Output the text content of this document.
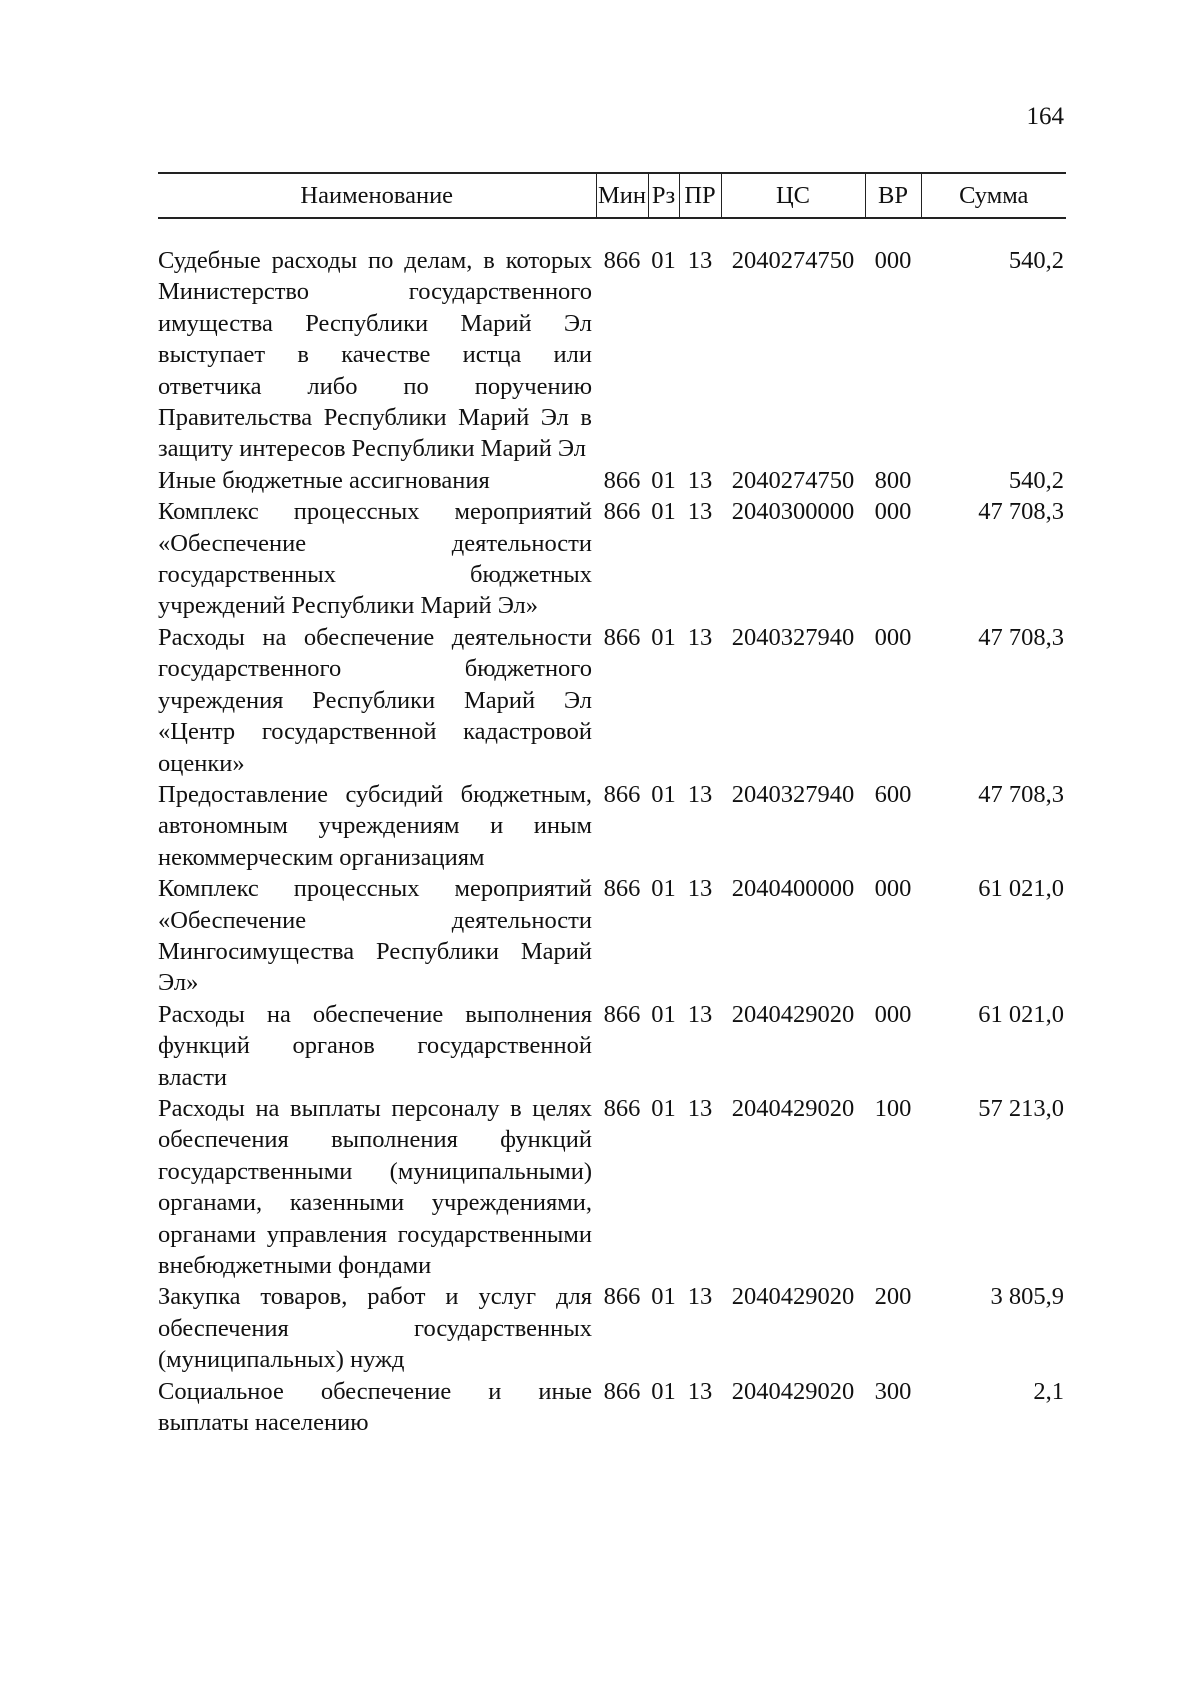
164
Наименование	Мин	Рз	ПР	ЦС	ВР	Сумма

Судебные расходы по делам, в которых Министерство государственного имущества Республики Марий Эл выступает в качестве истца или ответчика либо по поручению Правительства Республики Марий Эл в защиту интересов Республики Марий Эл	866	01	13	2040274750	000	540,2
Иные бюджетные ассигнования	866	01	13	2040274750	800	540,2
Комплекс процессных мероприятий «Обеспечение деятельности государственных бюджетных учреждений Республики Марий Эл»	866	01	13	2040300000	000	47 708,3
Расходы на обеспечение деятельности государственного бюджетного учреждения Республики Марий Эл «Центр государственной кадастровой оценки»	866	01	13	2040327940	000	47 708,3
Предоставление субсидий бюджетным, автономным учреждениям и иным некоммерческим организациям	866	01	13	2040327940	600	47 708,3
Комплекс процессных мероприятий «Обеспечение деятельности Мингосимущества Республики Марий Эл»	866	01	13	2040400000	000	61 021,0
Расходы на обеспечение выполнения функций органов государственной власти	866	01	13	2040429020	000	61 021,0
Расходы на выплаты персоналу в целях обеспечения выполнения функций государственными (муниципальными) органами, казенными учреждениями, органами управления государственными внебюджетными фондами	866	01	13	2040429020	100	57 213,0
Закупка товаров, работ и услуг для обеспечения государственных (муниципальных) нужд	866	01	13	2040429020	200	3 805,9
Социальное обеспечение и иные выплаты населению	866	01	13	2040429020	300	2,1
